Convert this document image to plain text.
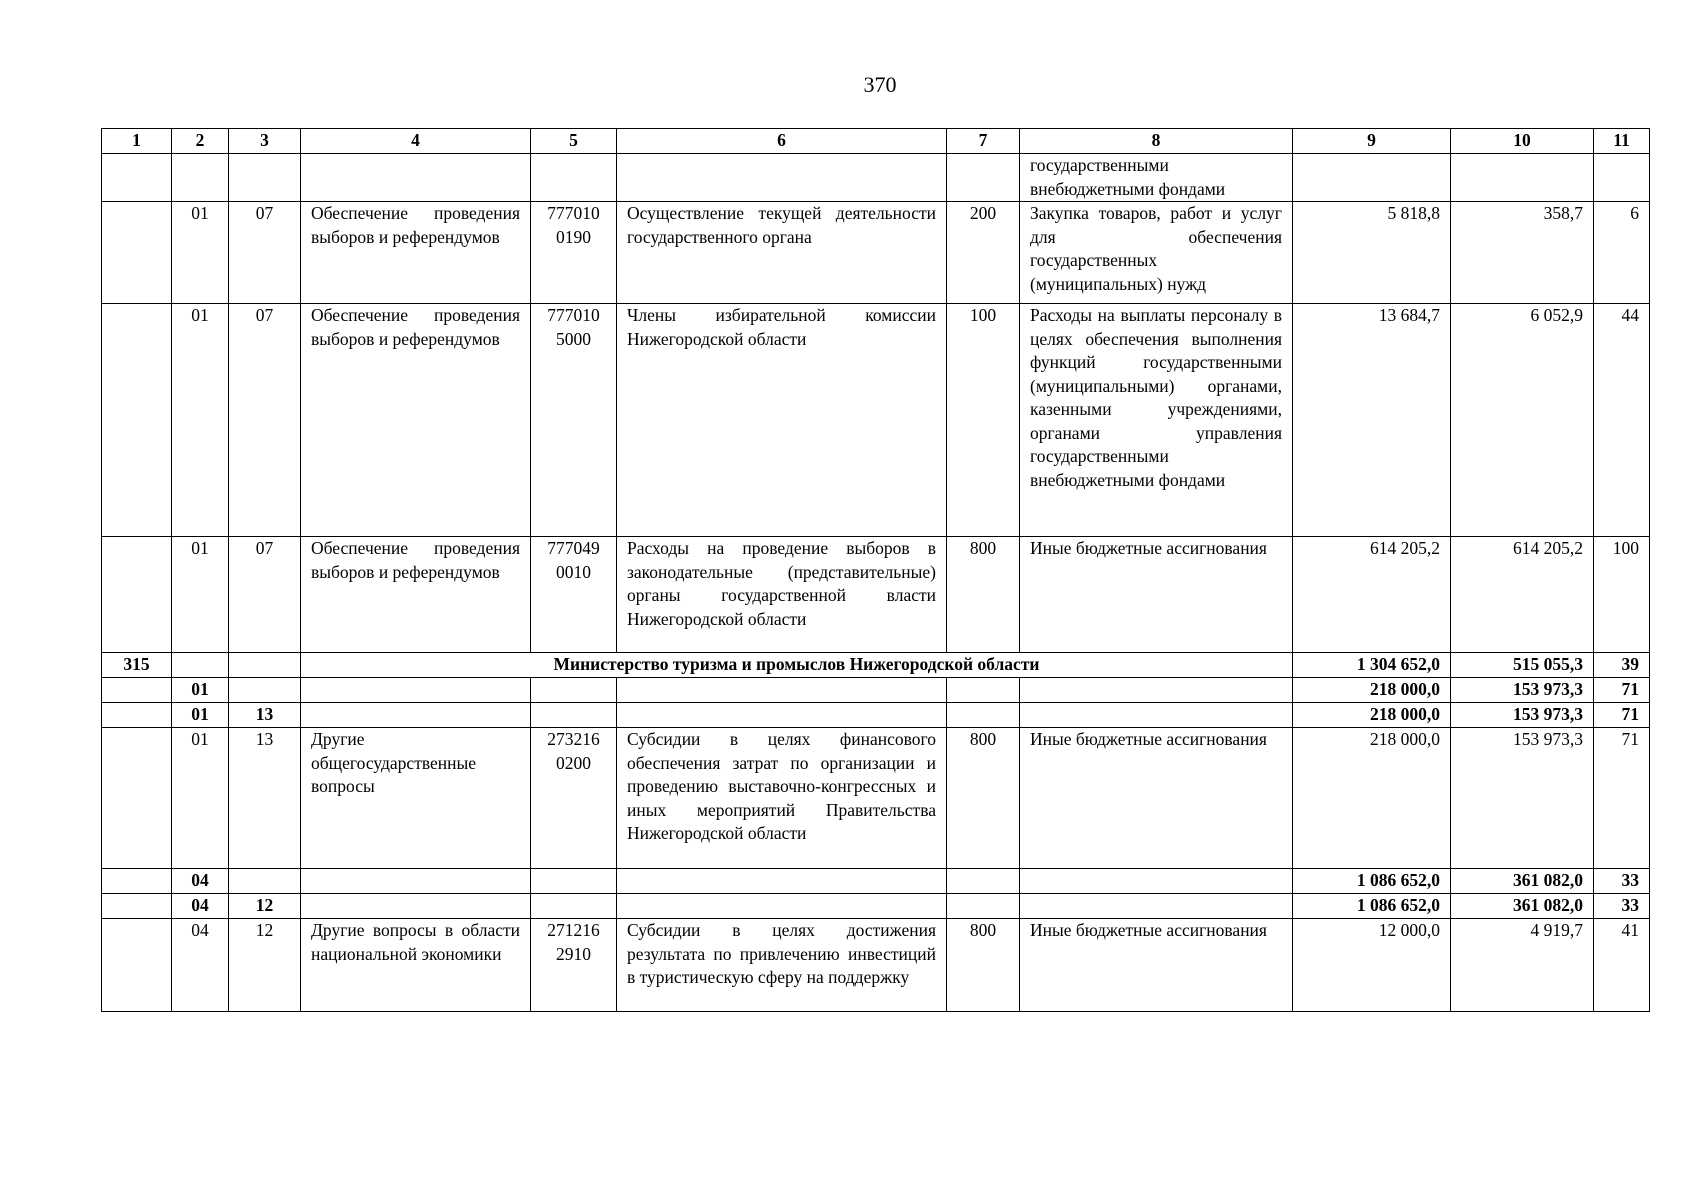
370
1	2	3	4	5	6	7	8	9	10	11
							государственными внебюджетными фондами			
	01	07	Обеспечение проведения выборов и референдумов	777010 0190	Осуществление текущей деятельности государственного органа	200	Закупка товаров, работ и услуг для обеспечения государственных (муниципальных) нужд	5 818,8	358,7	6
	01	07	Обеспечение проведения выборов и референдумов	777010 5000	Члены избирательной комиссии Нижегородской области	100	Расходы на выплаты персоналу в целях обеспечения выполнения функций государственными (муниципальными) органами, казенными учреждениями, органами управления государственными внебюджетными фондами	13 684,7	6 052,9	44
	01	07	Обеспечение проведения выборов и референдумов	777049 0010	Расходы на проведение выборов в законодательные (представительные) органы государственной власти Нижегородской области	800	Иные бюджетные ассигнования	614 205,2	614 205,2	100
315			Министерство туризма и промыслов Нижегородской области					1 304 652,0	515 055,3	39
	01							218 000,0	153 973,3	71
	01	13						218 000,0	153 973,3	71
	01	13	Другие общегосударственные вопросы	273216 0200	Субсидии в целях финансового обеспечения затрат по организации и проведению выставочно-конгрессных и иных мероприятий Правительства Нижегородской области	800	Иные бюджетные ассигнования	218 000,0	153 973,3	71
	04							1 086 652,0	361 082,0	33
	04	12						1 086 652,0	361 082,0	33
	04	12	Другие вопросы в области национальной экономики	271216 2910	Субсидии в целях достижения результата по привлечению инвестиций в туристическую сферу на поддержку	800	Иные бюджетные ассигнования	12 000,0	4 919,7	41
